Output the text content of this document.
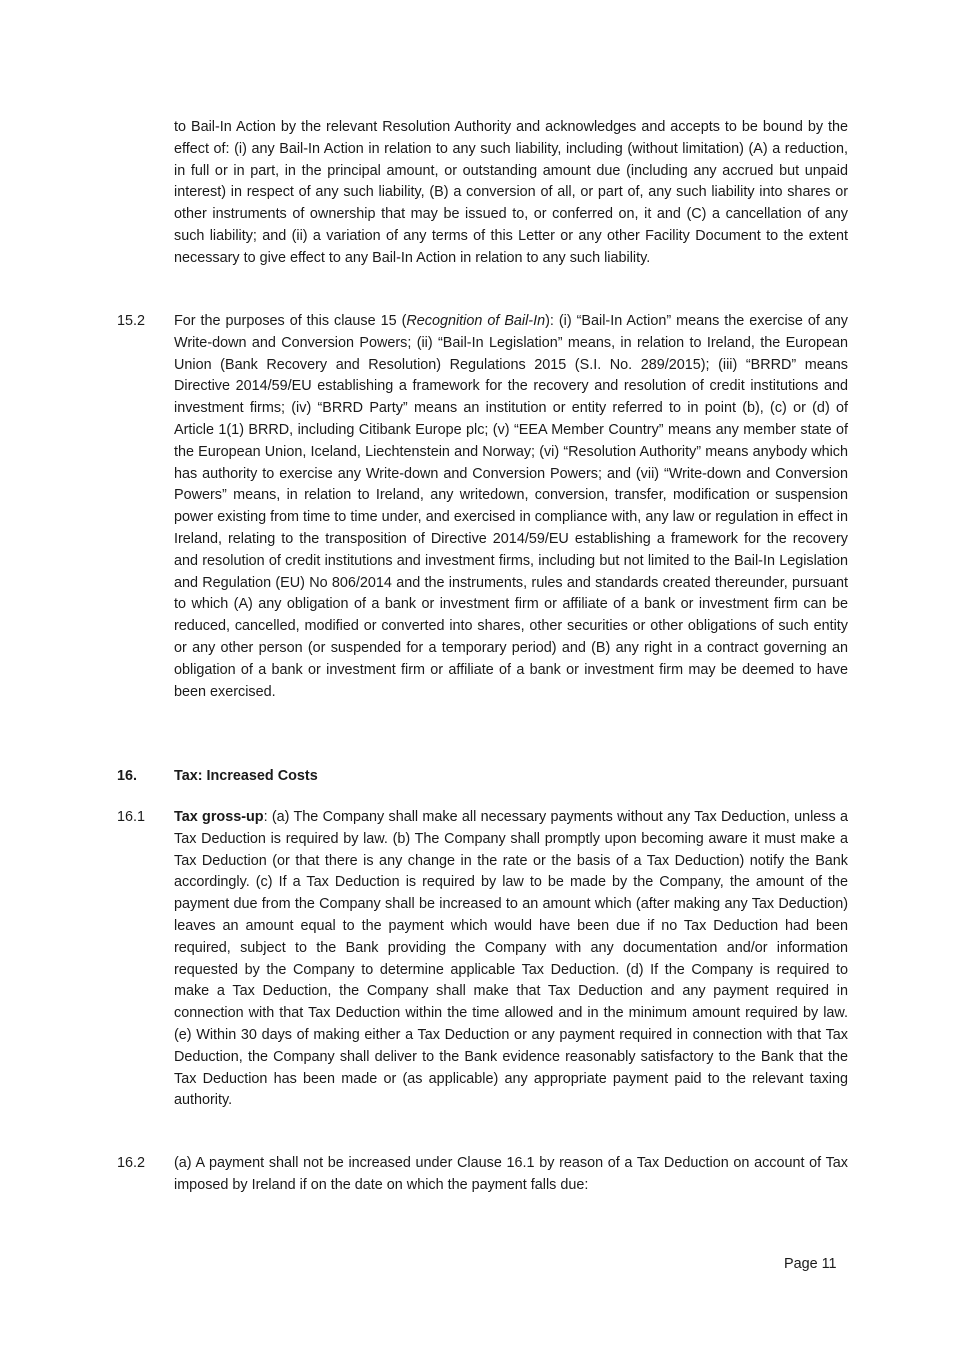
to Bail-In Action by the relevant Resolution Authority and acknowledges and accepts to be bound by the effect of: (i) any Bail-In Action in relation to any such liability, including (without limitation) (A) a reduction, in full or in part, in the principal amount, or outstanding amount due (including any accrued but unpaid interest) in respect of any such liability, (B) a conversion of all, or part of, any such liability into shares or other instruments of ownership that may be issued to, or conferred on, it and (C) a cancellation of any such liability; and (ii) a variation of any terms of this Letter or any other Facility Document to the extent necessary to give effect to any Bail-In Action in relation to any such liability.

15.2 For the purposes of this clause 15 (Recognition of Bail-In): (i) “Bail-In Action” means the exercise of any Write-down and Conversion Powers; (ii) “Bail-In Legislation” means, in relation to Ireland, the European Union (Bank Recovery and Resolution) Regulations 2015 (S.I. No. 289/2015); (iii) “BRRD” means Directive 2014/59/EU establishing a framework for the recovery and resolution of credit institutions and investment firms; (iv) “BRRD Party” means an institution or entity referred to in point (b), (c) or (d) of Article 1(1) BRRD, including Citibank Europe plc; (v) “EEA Member Country” means any member state of the European Union, Iceland, Liechtenstein and Norway; (vi) “Resolution Authority” means anybody which has authority to exercise any Write-down and Conversion Powers; and (vii) “Write-down and Conversion Powers” means, in relation to Ireland, any writedown, conversion, transfer, modification or suspension power existing from time to time under, and exercised in compliance with, any law or regulation in effect in Ireland, relating to the transposition of Directive 2014/59/EU establishing a framework for the recovery and resolution of credit institutions and investment firms, including but not limited to the Bail-In Legislation and Regulation (EU) No 806/2014 and the instruments, rules and standards created thereunder, pursuant to which (A) any obligation of a bank or investment firm or affiliate of a bank or investment firm can be reduced, cancelled, modified or converted into shares, other securities or other obligations of such entity or any other person (or suspended for a temporary period) and (B) any right in a contract governing an obligation of a bank or investment firm or affiliate of a bank or investment firm may be deemed to have been exercised.

16.	Tax: Increased Costs

16.1 Tax gross-up: (a) The Company shall make all necessary payments without any Tax Deduction, unless a Tax Deduction is required by law. (b) The Company shall promptly upon becoming aware it must make a Tax Deduction (or that there is any change in the rate or the basis of a Tax Deduction) notify the Bank accordingly. (c) If a Tax Deduction is required by law to be made by the Company, the amount of the payment due from the Company shall be increased to an amount which (after making any Tax Deduction) leaves an amount equal to the payment which would have been due if no Tax Deduction had been required, subject to the Bank providing the Company with any documentation and/or information requested by the Company to determine applicable Tax Deduction. (d) If the Company is required to make a Tax Deduction, the Company shall make that Tax Deduction and any payment required in connection with that Tax Deduction within the time allowed and in the minimum amount required by law. (e) Within 30 days of making either a Tax Deduction or any payment required in connection with that Tax Deduction, the Company shall deliver to the Bank evidence reasonably satisfactory to the Bank that the Tax Deduction has been made or (as applicable) any appropriate payment paid to the relevant taxing authority.

16.2 (a) A payment shall not be increased under Clause 16.1 by reason of a Tax Deduction on account of Tax imposed by Ireland if on the date on which the payment falls due:

Page 11
